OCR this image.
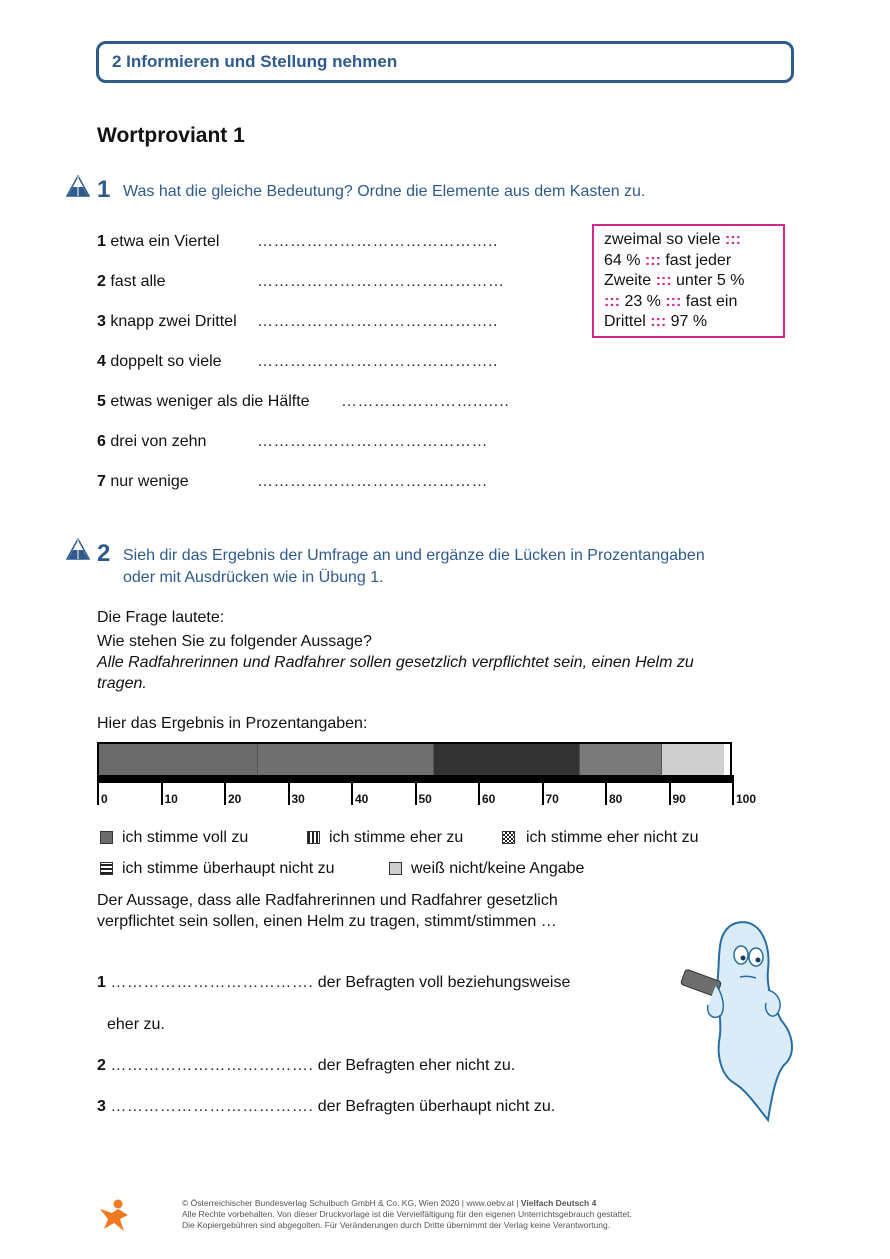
2 Informieren und Stellung nehmen
Wortproviant 1
1 Was hat die gleiche Bedeutung? Ordne die Elemente aus dem Kasten zu.
1 etwa ein Viertel ……………………………………..
2 fast alle	………………………………………
3 knapp zwei Drittel ……………………………………..
4 doppelt so viele ……………………………………..
5 etwas weniger als die Hälfte ……………………..…..
6 drei von zehn	……………………………………
7 nur wenige	……………………………………
zweimal so viele :::
64 % ::: fast jeder
Zweite ::: unter 5 %
::: 23 % ::: fast ein
Drittel ::: 97 %
2 Sieh dir das Ergebnis der Umfrage an und ergänze die Lücken in Prozentangaben
oder mit Ausdrücken wie in Übung 1.
Die Frage lautete:
Wie stehen Sie zu folgender Aussage?
Alle Radfahrerinnen und Radfahrer sollen gesetzlich verpflichtet sein, einen Helm zu
tragen.
Hier das Ergebnis in Prozentangaben:
0	10	20	30	40	50	60	70	80	90	100
ich stimme voll zu	ich stimme eher zu	ich stimme eher nicht zu
ich stimme überhaupt nicht zu	weiß nicht/keine Angabe
Der Aussage, dass alle Radfahrerinnen und Radfahrer gesetzlich
verpflichtet sein sollen, einen Helm zu tragen, stimmt/stimmen …
1 ………………………………. der Befragten voll beziehungsweise
eher zu.
2 ………………………………. der Befragten eher nicht zu.
3 ………………………………. der Befragten überhaupt nicht zu.
© Österreichischer Bundesverlag Schulbuch GmbH & Co. KG, Wien 2020 | www.oebv.at | Vielfach Deutsch 4
Alle Rechte vorbehalten. Von dieser Druckvorlage ist die Vervielfältigung für den eigenen Unterrichtsgebrauch gestattet.
Die Kopiergebühren sind abgegolten. Für Veränderungen durch Dritte übernimmt der Verlag keine Verantwortung.
